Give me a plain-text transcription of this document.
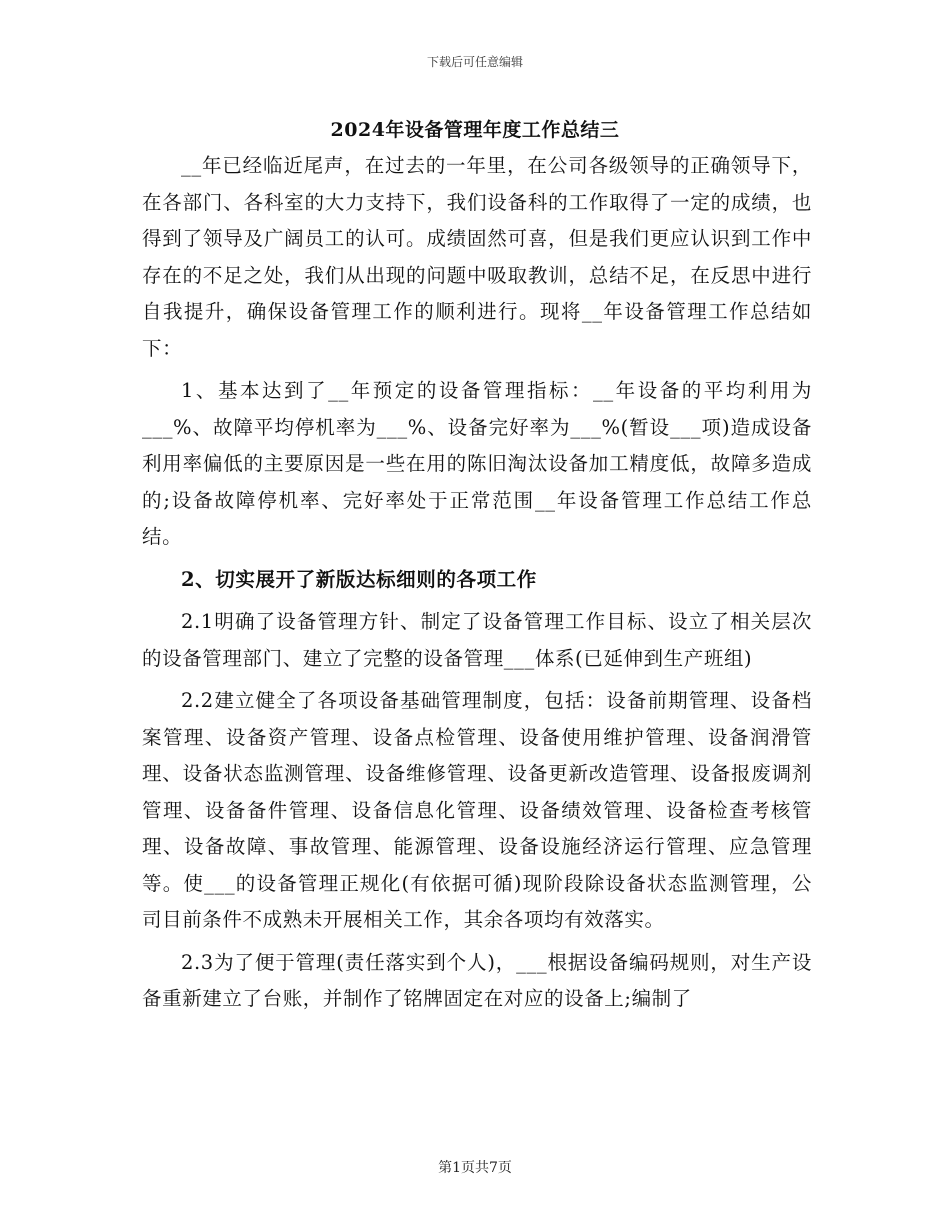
下载后可任意编辑
2024年设备管理年度工作总结三

__年已经临近尾声，在过去的一年里，在公司各级领导的正确领导下，在各部门、各科室的大力支持下，我们设备科的工作取得了一定的成绩，也得到了领导及广阔员工的认可。成绩固然可喜，但是我们更应认识到工作中存在的不足之处，我们从出现的问题中吸取教训，总结不足，在反思中进行自我提升，确保设备管理工作的顺利进行。现将__年设备管理工作总结如下：

1、基本达到了__年预定的设备管理指标：__年设备的平均利用为___%、故障平均停机率为___%、设备完好率为___%(暂设___项)造成设备利用率偏低的主要原因是一些在用的陈旧淘汰设备加工精度低，故障多造成的;设备故障停机率、完好率处于正常范围__年设备管理工作总结工作总结。

2、切实展开了新版达标细则的各项工作

2.1明确了设备管理方针、制定了设备管理工作目标、设立了相关层次的设备管理部门、建立了完整的设备管理___体系(已延伸到生产班组)

2.2建立健全了各项设备基础管理制度，包括：设备前期管理、设备档案管理、设备资产管理、设备点检管理、设备使用维护管理、设备润滑管理、设备状态监测管理、设备维修管理、设备更新改造管理、设备报废调剂管理、设备备件管理、设备信息化管理、设备绩效管理、设备检查考核管理、设备故障、事故管理、能源管理、设备设施经济运行管理、应急管理等。使___的设备管理正规化(有依据可循)现阶段除设备状态监测管理，公司目前条件不成熟未开展相关工作，其余各项均有效落实。

2.3为了便于管理(责任落实到个人)，___根据设备编码规则，对生产设备重新建立了台账，并制作了铭牌固定在对应的设备上;编制了

第1页共7页
